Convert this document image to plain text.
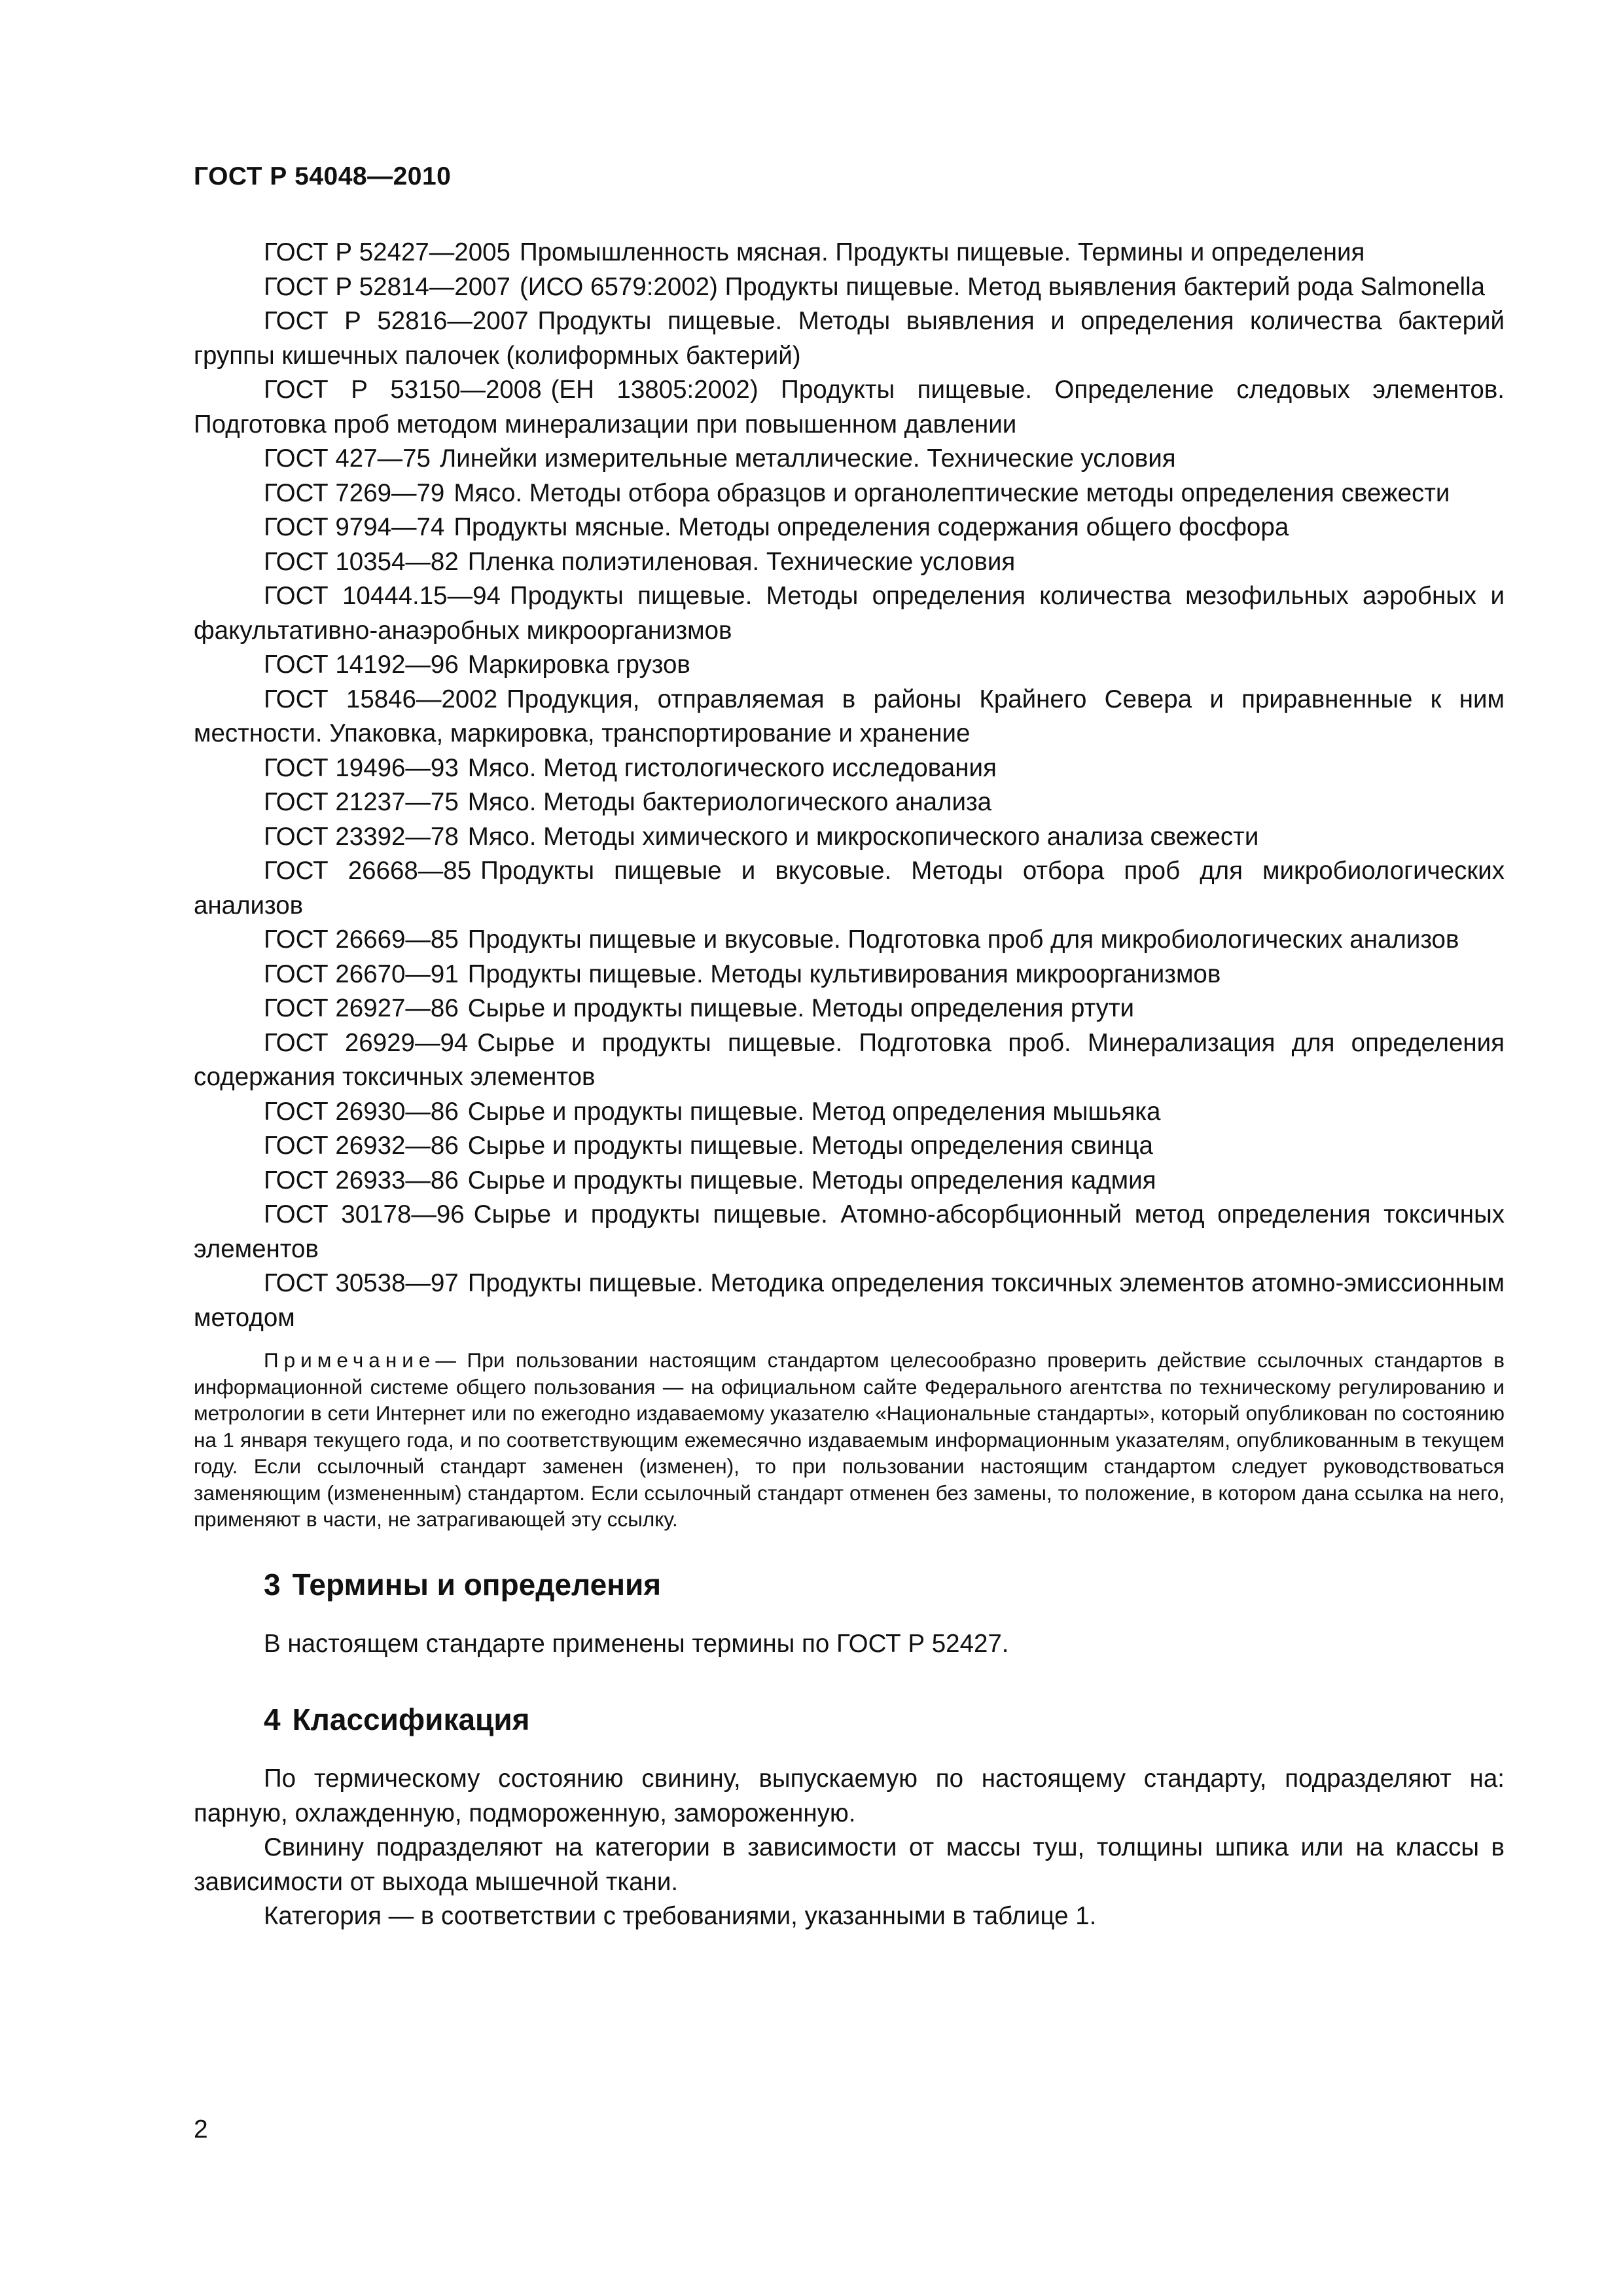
ГОСТ Р 54048—2010

ГОСТ Р 52427—2005 Промышленность мясная. Продукты пищевые. Термины и определения

ГОСТ Р 52814—2007 (ИСО 6579:2002) Продукты пищевые. Метод выявления бактерий рода Salmonella

ГОСТ Р 52816—2007 Продукты пищевые. Методы выявления и определения количества бактерий группы кишечных палочек (колиформных бактерий)

ГОСТ Р 53150—2008 (ЕН 13805:2002) Продукты пищевые. Определение следовых элементов. Подготовка проб методом минерализации при повышенном давлении

ГОСТ 427—75 Линейки измерительные металлические. Технические условия

ГОСТ 7269—79 Мясо. Методы отбора образцов и органолептические методы определения свежести

ГОСТ 9794—74 Продукты мясные. Методы определения содержания общего фосфора

ГОСТ 10354—82 Пленка полиэтиленовая. Технические условия

ГОСТ 10444.15—94 Продукты пищевые. Методы определения количества мезофильных аэробных и факультативно-анаэробных микроорганизмов

ГОСТ 14192—96 Маркировка грузов

ГОСТ 15846—2002 Продукция, отправляемая в районы Крайнего Севера и приравненные к ним местности. Упаковка, маркировка, транспортирование и хранение

ГОСТ 19496—93 Мясо. Метод гистологического исследования

ГОСТ 21237—75 Мясо. Методы бактериологического анализа

ГОСТ 23392—78 Мясо. Методы химического и микроскопического анализа свежести

ГОСТ 26668—85 Продукты пищевые и вкусовые. Методы отбора проб для микробиологических анализов

ГОСТ 26669—85 Продукты пищевые и вкусовые. Подготовка проб для микробиологических анализов

ГОСТ 26670—91 Продукты пищевые. Методы культивирования микроорганизмов

ГОСТ 26927—86 Сырье и продукты пищевые. Методы определения ртути

ГОСТ 26929—94 Сырье и продукты пищевые. Подготовка проб. Минерализация для определения содержания токсичных элементов

ГОСТ 26930—86 Сырье и продукты пищевые. Метод определения мышьяка

ГОСТ 26932—86 Сырье и продукты пищевые. Методы определения свинца

ГОСТ 26933—86 Сырье и продукты пищевые. Методы определения кадмия

ГОСТ 30178—96 Сырье и продукты пищевые. Атомно-абсорбционный метод определения токсичных элементов

ГОСТ 30538—97 Продукты пищевые. Методика определения токсичных элементов атомно-эмиссионным методом

Примечание— При пользовании настоящим стандартом целесообразно проверить действие ссылочных стандартов в информационной системе общего пользования — на официальном сайте Федерального агентства по техническому регулированию и метрологии в сети Интернет или по ежегодно издаваемому указателю «Национальные стандарты», который опубликован по состоянию на 1 января текущего года, и по соответствующим ежемесячно издаваемым информационным указателям, опубликованным в текущем году. Если ссылочный стандарт заменен (изменен), то при пользовании настоящим стандартом следует руководствоваться заменяющим (измененным) стандартом. Если ссылочный стандарт отменен без замены, то положение, в котором дана ссылка на него, применяют в части, не затрагивающей эту ссылку.

3 Термины и определения

В настоящем стандарте применены термины по ГОСТ Р 52427.

4 Классификация

По термическому состоянию свинину, выпускаемую по настоящему стандарту, подразделяют на: парную, охлажденную, подмороженную, замороженную.

Свинину подразделяют на категории в зависимости от массы туш, толщины шпика или на классы в зависимости от выхода мышечной ткани.

Категория — в соответствии с требованиями, указанными в таблице 1.

2
